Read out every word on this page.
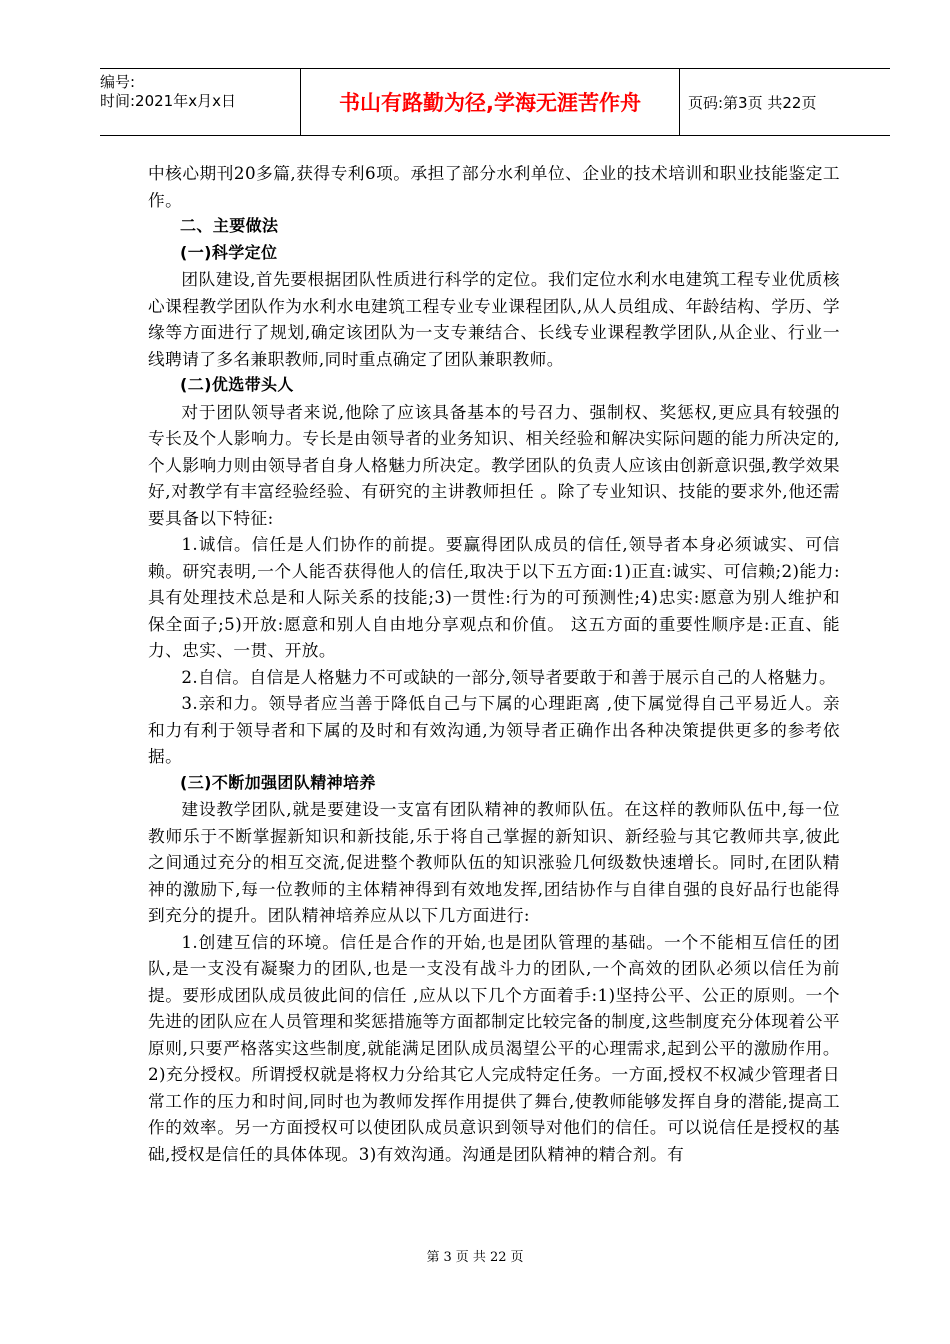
编号:
时间:2021年x月x日	书山有路勤为径,学海无涯苦作舟	页码:第3页 共22页

中核心期刊20多篇,获得专利6项。承担了部分水利单位、企业的技术培训和职业技能鉴定工作。

二、主要做法

(一)科学定位

团队建设,首先要根据团队性质进行科学的定位。我们定位水利水电建筑工程专业优质核心课程教学团队作为水利水电建筑工程专业专业课程团队,从人员组成、年龄结构、学历、学缘等方面进行了规划,确定该团队为一支专兼结合、长线专业课程教学团队,从企业、行业一线聘请了多名兼职教师,同时重点确定了团队兼职教师。

(二)优选带头人

对于团队领导者来说,他除了应该具备基本的号召力、强制权、奖惩权,更应具有较强的专长及个人影响力。专长是由领导者的业务知识、相关经验和解决实际问题的能力所决定的,个人影响力则由领导者自身人格魅力所决定。教学团队的负责人应该由创新意识强,教学效果好,对教学有丰富经验经验、有研究的主讲教师担任 。除了专业知识、技能的要求外,他还需要具备以下特征:

1.诚信。信任是人们协作的前提。要赢得团队成员的信任,领导者本身必须诚实、可信赖。研究表明,一个人能否获得他人的信任,取决于以下五方面:1)正直:诚实、可信赖;2)能力:具有处理技术总是和人际关系的技能;3)一贯性:行为的可预测性;4)忠实:愿意为别人维护和保全面子;5)开放:愿意和别人自由地分享观点和价值。 这五方面的重要性顺序是:正直、能力、忠实、一贯、开放。

2.自信。自信是人格魅力不可或缺的一部分,领导者要敢于和善于展示自己的人格魅力。

3.亲和力。领导者应当善于降低自己与下属的心理距离 ,使下属觉得自己平易近人。亲和力有利于领导者和下属的及时和有效沟通,为领导者正确作出各种决策提供更多的参考依据。

(三)不断加强团队精神培养

建设教学团队,就是要建设一支富有团队精神的教师队伍。在这样的教师队伍中,每一位教师乐于不断掌握新知识和新技能,乐于将自己掌握的新知识、新经验与其它教师共享,彼此之间通过充分的相互交流,促进整个教师队伍的知识涨验几何级数快速增长。同时,在团队精神的激励下,每一位教师的主体精神得到有效地发挥,团结协作与自律自强的良好品行也能得到充分的提升。团队精神培养应从以下几方面进行:

1.创建互信的环境。信任是合作的开始,也是团队管理的基础。一个不能相互信任的团队,是一支没有凝聚力的团队,也是一支没有战斗力的团队,一个高效的团队必须以信任为前提。要形成团队成员彼此间的信任 ,应从以下几个方面着手:1)坚持公平、公正的原则。一个先进的团队应在人员管理和奖惩措施等方面都制定比较完备的制度,这些制度充分体现着公平原则,只要严格落实这些制度,就能满足团队成员渴望公平的心理需求,起到公平的激励作用。2)充分授权。所谓授权就是将权力分给其它人完成特定任务。一方面,授权不权减少管理者日常工作的压力和时间,同时也为教师发挥作用提供了舞台,使教师能够发挥自身的潜能,提高工作的效率。另一方面授权可以使团队成员意识到领导对他们的信任。可以说信任是授权的基础,授权是信任的具体体现。3)有效沟通。沟通是团队精神的精合剂。有

第 3 页 共 22 页
